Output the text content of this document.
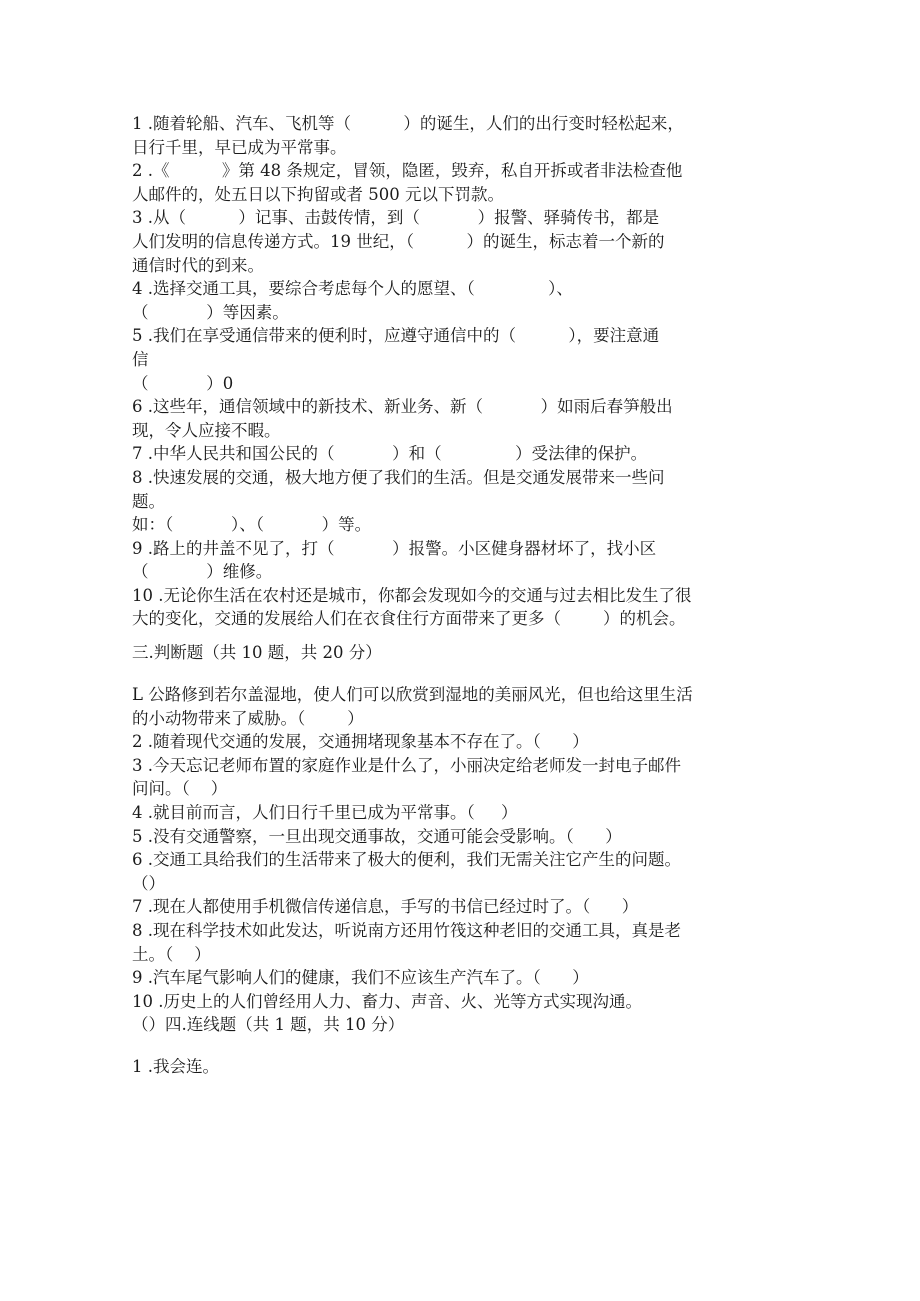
1 .随着轮船、汽车、飞机等（          ）的诞生，人们的出行变时轻松起来，
日行千里，早已成为平常事。
2 .《          》第 48 条规定，冒领，隐匿，毁弃，私自开拆或者非法检查他
人邮件的，处五日以下拘留或者 500 元以下罚款。
3 .从（          ）记事、击鼓传情，到（           ）报警、驿骑传书，都是
人们发明的信息传递方式。19 世纪，（          ）的诞生，标志着一个新的
通信时代的到来。
4 .选择交通工具，要综合考虑每个人的愿望、（              ）、
（           ）等因素。
5 .我们在享受通信带来的便利时，应遵守通信中的（          ），要注意通
信
（           ）0
6 .这些年，通信领域中的新技术、新业务、新（           ）如雨后春笋般出
现，令人应接不暇。
7 .中华人民共和国公民的（           ）和（              ）受法律的保护。
8 .快速发展的交通，极大地方便了我们的生活。但是交通发展带来一些问
题。
如：（           ）、（           ）等。
9 .路上的井盖不见了，打（           ）报警。小区健身器材坏了，找小区
（           ）维修。
10 .无论你生活在农村还是城市，你都会发现如今的交通与过去相比发生了很
大的变化，交通的发展给人们在衣食住行方面带来了更多（        ）的机会。
三.判断题（共 10 题，共 20 分）
L 公路修到若尔盖湿地，使人们可以欣赏到湿地的美丽风光，但也给这里生活
的小动物带来了威胁。（        ）
2 .随着现代交通的发展，交通拥堵现象基本不存在了。（      ）
3 .今天忘记老师布置的家庭作业是什么了，小丽决定给老师发一封电子邮件
问问。（    ）
4 .就目前而言，人们日行千里已成为平常事。（     ）
5 .没有交通警察，一旦出现交通事故，交通可能会受影响。（      ）
6 .交通工具给我们的生活带来了极大的便利，我们无需关注它产生的问题。
（）
7 .现在人都使用手机微信传递信息，手写的书信已经过时了。（      ）
8 .现在科学技术如此发达，听说南方还用竹筏这种老旧的交通工具，真是老
土。（    ）
9 .汽车尾气影响人们的健康，我们不应该生产汽车了。（      ）
10 .历史上的人们曾经用人力、畜力、声音、火、光等方式实现沟通。
（）四.连线题（共 1 题，共 10 分）
1 .我会连。
